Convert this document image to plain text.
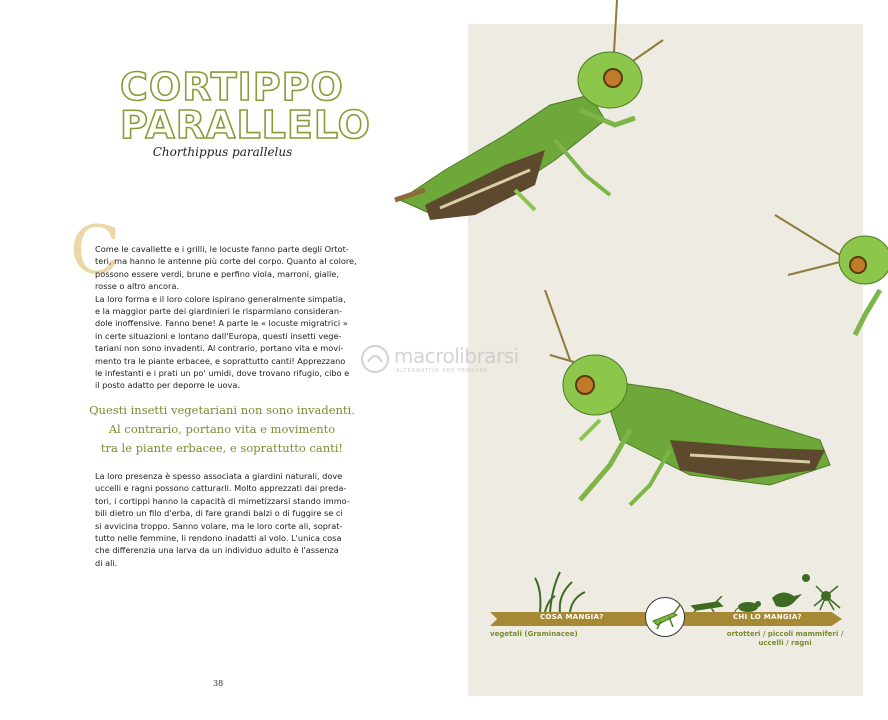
CORTIPPO
PARALLELO
Chorthippus parallelus
C

Come le cavallette e i grilli, le locuste fanno parte degli Ortot-

teri, ma hanno le antenne più corte del corpo. Quanto al colore,

possono essere verdi, brune e perfino viola, marroni, gialle,

rosse o altro ancora.

La loro forma e il loro colore ispirano generalmente simpatia,

e la maggior parte dei giardinieri le risparmiano consideran-

dole inoffensive. Fanno bene! A parte le « locuste migratrici »

in certe situazioni e lontano dall'Europa, questi insetti vege-

tariani non sono invadenti. Al contrario, portano vita e movi-

mento tra le piante erbacee, e soprattutto canti! Apprezzano

le infestanti e i prati un po' umidi, dove trovano rifugio, cibo e

il posto adatto per deporre le uova.

Questi insetti vegetariani non sono invadenti.
Al contrario, portano vita e movimento
tra le piante erbacee, e soprattutto canti!

La loro presenza è spesso associata a giardini naturali, dove

uccelli e ragni possono catturarli. Molto apprezzati dai preda-

tori, i cortippi hanno la capacità di mimetizzarsi stando immo-

bili dietro un filo d'erba, di fare grandi balzi o di fuggire se ci

si avvicina troppo. Sanno volare, ma le loro corte ali, soprat-

tutto nelle femmine, li rendono inadatti al volo. L'unica cosa

che differenzia una larva da un individuo adulto è l'assenza

di ali.

38
macrolibrarsi
ALTERNATIVE PER PENSARE
COSA MANGIA?	CHI LO MANGIA?
vegetali (Graminacee)	ortotteri / piccoli mammiferi /
uccelli / ragni
